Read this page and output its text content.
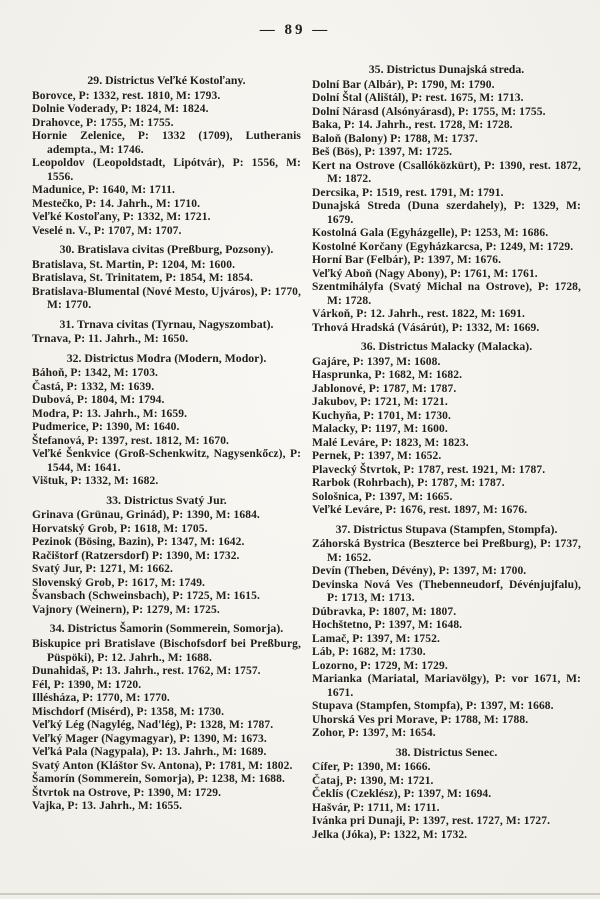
— 89 —
29. Districtus Veľké Kostoľany.

Borovce, P: 1332, rest. 1810, M: 1793.

Dolnie Voderady, P: 1824, M: 1824.

Drahovce, P: 1755, M: 1755.

Hornie Zelenice, P: 1332 (1709), Lutheranis adempta., M: 1746.

Leopoldov (Leopoldstadt, Lipótvár), P: 1556, M: 1556.

Madunice, P: 1640, M: 1711.

Mestečko, P: 14. Jahrh., M: 1710.

Veľké Kostoľany, P: 1332, M: 1721.

Veselé n. V., P: 1707, M: 1707.

30. Bratislava civitas (Preßburg, Pozsony).

Bratislava, St. Martin, P: 1204, M: 1600.

Bratislava, St. Trinitatem, P: 1854, M: 1854.

Bratislava-Blumental (Nové Mesto, Ujváros), P: 1770, M: 1770.

31. Trnava civitas (Tyrnau, Nagyszombat).

Trnava, P: 11. Jahrh., M: 1650.

32. Districtus Modra (Modern, Modor).

Báhoň, P: 1342, M: 1703.

Častá, P: 1332, M: 1639.

Dubová, P: 1804, M: 1794.

Modra, P: 13. Jahrh., M: 1659.

Pudmerice, P: 1390, M: 1640.

Štefanová, P: 1397, rest. 1812, M: 1670.

Veľké Šenkvice (Groß-Schenkwitz, Nagysenkőcz), P: 1544, M: 1641.

Vištuk, P: 1332, M: 1682.

33. Districtus Svatý Jur.

Grinava (Grünau, Grinád), P: 1390, M: 1684.

Horvatský Grob, P: 1618, M: 1705.

Pezinok (Bösing, Bazin), P: 1347, M: 1642.

Račištorf (Ratzersdorf) P: 1390, M: 1732.

Svatý Jur, P: 1271, M: 1662.

Slovenský Grob, P: 1617, M: 1749.

Švansbach (Schweinsbach), P: 1725, M: 1615.

Vajnory (Weinern), P: 1279, M: 1725.

34. Districtus Šamorin (Sommerein, Somorja).

Biskupice pri Bratislave (Bischofsdorf bei Preßburg, Püspöki), P: 12. Jahrh., M: 1688.

Dunahidaš, P: 13. Jahrh., rest. 1762, M: 1757.

Fél, P: 1390, M: 1720.

Illésháza, P: 1770, M: 1770.

Mischdorf (Misérd), P: 1358, M: 1730.

Veľký Lég (Nagylég, Nad'lég), P: 1328, M: 1787.

Veľký Mager (Nagymagyar), P: 1390, M: 1673.

Veľká Pala (Nagypala), P: 13. Jahrh., M: 1689.

Svatý Anton (Kláštor Sv. Antona), P: 1781, M: 1802.

Šamorín (Sommerein, Somorja), P: 1238, M: 1688.

Štvrtok na Ostrove, P: 1390, M: 1729.

Vajka, P: 13. Jahrh., M: 1655.

35. Districtus Dunajská streda.

Dolní Bar (Albár), P: 1790, M: 1790.

Dolní Štal (Alištál), P: rest. 1675, M: 1713.

Dolní Nárasd (Alsónyárasd), P: 1755, M: 1755.

Baka, P: 14. Jahrh., rest. 1728, M: 1728.

Baloň (Balony) P: 1788, M: 1737.

Beš (Bös), P: 1397, M: 1725.

Kert na Ostrove (Csallóközkürt), P: 1390, rest. 1872, M: 1872.

Dercsika, P: 1519, rest. 1791, M: 1791.

Dunajská Streda (Duna szerdahely), P: 1329, M: 1679.

Kostolná Gala (Egyházgelle), P: 1253, M: 1686.

Kostolné Korčany (Egyházkarcsa, P: 1249, M: 1729.

Horní Bar (Felbár), P: 1397, M: 1676.

Veľký Aboň (Nagy Abony), P: 1761, M: 1761.

Szentmihályfa (Svatý Michal na Ostrove), P: 1728, M: 1728.

Várkoň, P: 12. Jahrh., rest. 1822, M: 1691.

Trhová Hradská (Vásárút), P: 1332, M: 1669.

36. Districtus Malacky (Malacka).

Gajáre, P: 1397, M: 1608.

Hasprunka, P: 1682, M: 1682.

Jablonové, P: 1787, M: 1787.

Jakubov, P: 1721, M: 1721.

Kuchyňa, P: 1701, M: 1730.

Malacky, P: 1197, M: 1600.

Malé Leváre, P: 1823, M: 1823.

Pernek, P: 1397, M: 1652.

Plavecký Štvrtok, P: 1787, rest. 1921, M: 1787.

Rarbok (Rohrbach), P: 1787, M: 1787.

Sološnica, P: 1397, M: 1665.

Veľké Leváre, P: 1676, rest. 1897, M: 1676.

37. Districtus Stupava (Stampfen, Stompfa).

Záhorská Bystrica (Beszterce bei Preßburg), P: 1737, M: 1652.

Devín (Theben, Dévény), P: 1397, M: 1700.

Devinska Nová Ves (Thebenneudorf, Dévénjujfalu), P: 1713, M: 1713.

Dúbravka, P: 1807, M: 1807.

Hochštetno, P: 1397, M: 1648.

Lamač, P: 1397, M: 1752.

Láb, P: 1682, M: 1730.

Lozorno, P: 1729, M: 1729.

Marianka (Mariatal, Mariavölgy), P: vor 1671, M: 1671.

Stupava (Stampfen, Stompfa), P: 1397, M: 1668.

Uhorská Ves pri Morave, P: 1788, M: 1788.

Zohor, P: 1397, M: 1654.

38. Districtus Senec.

Cífer, P: 1390, M: 1666.

Čataj, P: 1390, M: 1721.

Čeklís (Czeklész), P: 1397, M: 1694.

Hašvár, P: 1711, M: 1711.

Ivánka pri Dunaji, P: 1397, rest. 1727, M: 1727.

Jelka (Jóka), P: 1322, M: 1732.
